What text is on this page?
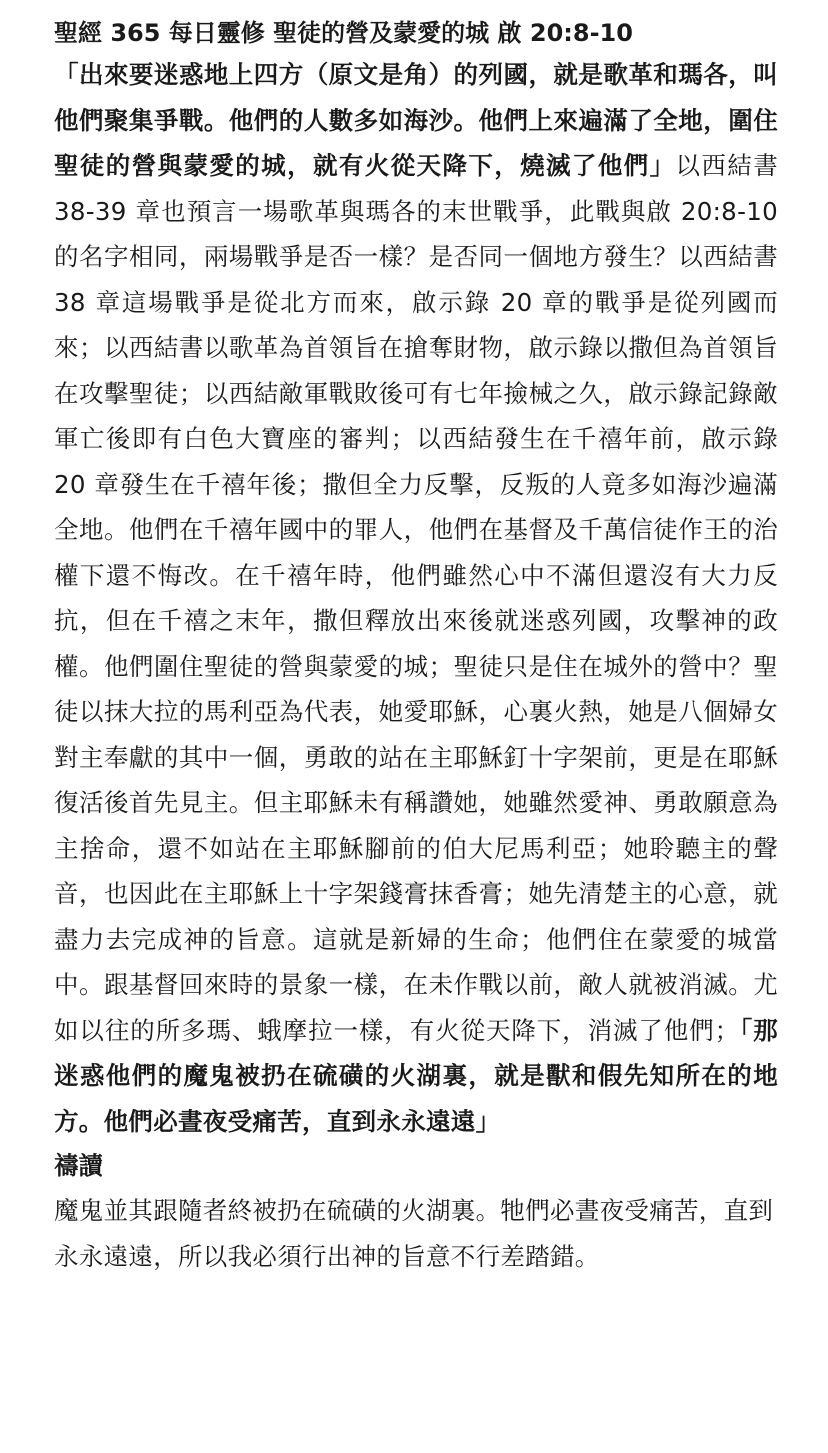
聖經 365 每日靈修 聖徒的營及蒙愛的城 啟 20:8-10

「出來要迷惑地上四方（原文是角）的列國，就是歌革和瑪各，叫他們聚集爭戰。他們的人數多如海沙。他們上來遍滿了全地，圍住聖徒的營與蒙愛的城，就有火從天降下，燒滅了他們」以西結書 38-39 章也預言一場歌革與瑪各的末世戰爭，此戰與啟 20:8-10 的名字相同，兩場戰爭是否一樣？是否同一個地方發生？以西結書 38 章這場戰爭是從北方而來，啟示錄 20 章的戰爭是從列國而來；以西結書以歌革為首領旨在搶奪財物，啟示錄以撒但為首領旨在攻擊聖徒；以西結敵軍戰敗後可有七年撿械之久，啟示錄記錄敵軍亡後即有白色大寶座的審判；以西結發生在千禧年前，啟示錄 20 章發生在千禧年後；撒但全力反擊，反叛的人竟多如海沙遍滿全地。他們在千禧年國中的罪人，他們在基督及千萬信徒作王的治權下還不悔改。在千禧年時，他們雖然心中不滿但還沒有大力反抗，但在千禧之末年，撒但釋放出來後就迷惑列國，攻擊神的政權。他們圍住聖徒的營與蒙愛的城；聖徒只是住在城外的營中？聖徒以抹大拉的馬利亞為代表，她愛耶穌，心裏火熱，她是八個婦女對主奉獻的其中一個，勇敢的站在主耶穌釘十字架前，更是在耶穌復活後首先見主。但主耶穌未有稱讚她，她雖然愛神、勇敢願意為主捨命，還不如站在主耶穌腳前的伯大尼馬利亞；她聆聽主的聲音，也因此在主耶穌上十字架錢膏抹香膏；她先清楚主的心意，就盡力去完成神的旨意。這就是新婦的生命；他們住在蒙愛的城當中。跟基督回來時的景象一樣，在未作戰以前，敵人就被消滅。尤如以往的所多瑪、蛾摩拉一樣，有火從天降下，消滅了他們；「那迷惑他們的魔鬼被扔在硫磺的火湖裏，就是獸和假先知所在的地方。他們必晝夜受痛苦，直到永永遠遠」

禱讀

魔鬼並其跟隨者終被扔在硫磺的火湖裏。牠們必晝夜受痛苦，直到永永遠遠，所以我必須行出神的旨意不行差踏錯。
